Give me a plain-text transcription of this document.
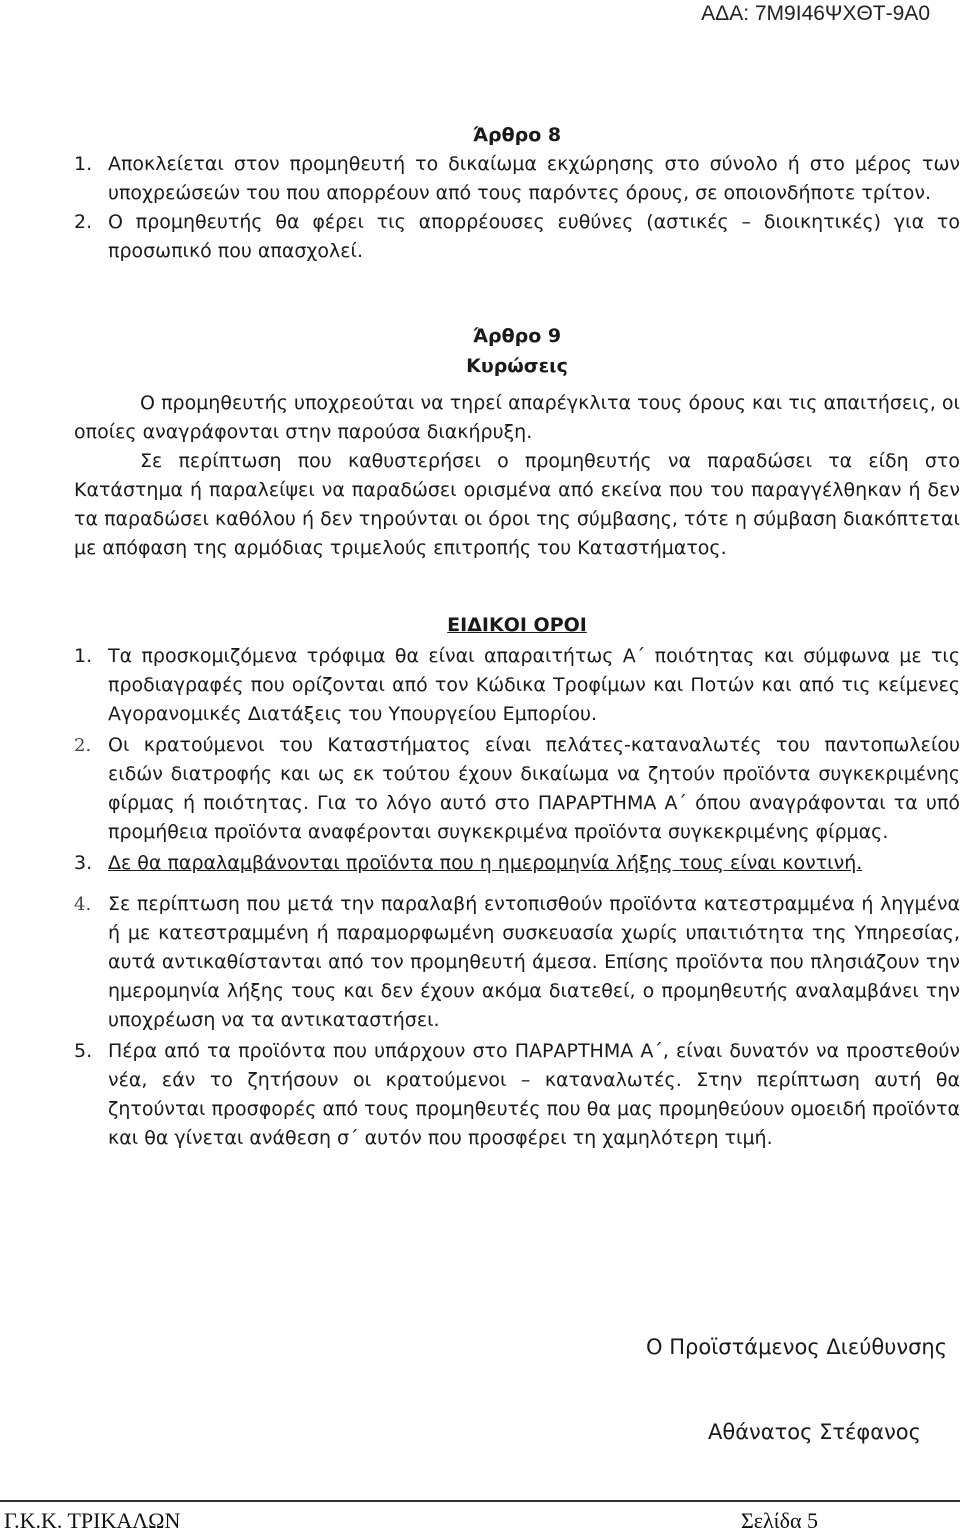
ΑΔΑ: 7Μ9Ι46ΨΧΘΤ-9Α0

Άρθρο 8

1. Αποκλείεται στον προμηθευτή το δικαίωμα εκχώρησης στο σύνολο ή στο μέρος των υποχρεώσεών του που απορρέουν από τους παρόντες όρους, σε οποιονδήποτε τρίτον.
2. Ο προμηθευτής θα φέρει τις απορρέουσες ευθύνες (αστικές – διοικητικές) για το προσωπικό που απασχολεί.

Άρθρο 9

Κυρώσεις

Ο προμηθευτής υποχρεούται να τηρεί απαρέγκλιτα τους όρους και τις απαιτήσεις, οι οποίες αναγράφονται στην παρούσα διακήρυξη.

Σε περίπτωση που καθυστερήσει ο προμηθευτής να παραδώσει τα είδη στο Κατάστημα ή παραλείψει να παραδώσει ορισμένα από εκείνα που του παραγγέλθηκαν ή δεν τα παραδώσει καθόλου ή δεν τηρούνται οι όροι της σύμβασης, τότε η σύμβαση διακόπτεται με απόφαση της αρμόδιας τριμελούς επιτροπής του Καταστήματος.

ΕΙΔΙΚΟΙ ΟΡΟΙ

1. Τα προσκομιζόμενα τρόφιμα θα είναι απαραιτήτως Α΄ ποιότητας και σύμφωνα με τις προδιαγραφές που ορίζονται από τον Κώδικα Τροφίμων και Ποτών και από τις κείμενες Αγορανομικές Διατάξεις του Υπουργείου Εμπορίου.
2. Οι κρατούμενοι του Καταστήματος είναι πελάτες-καταναλωτές του παντοπωλείου ειδών διατροφής και ως εκ τούτου έχουν δικαίωμα να ζητούν προϊόντα συγκεκριμένης φίρμας ή ποιότητας. Για το λόγο αυτό στο ΠΑΡΑΡΤΗΜΑ Α΄ όπου αναγράφονται τα υπό προμήθεια προϊόντα αναφέρονται συγκεκριμένα προϊόντα συγκεκριμένης φίρμας.
3. Δε θα παραλαμβάνονται προϊόντα που η ημερομηνία λήξης τους είναι κοντινή.
4. Σε περίπτωση που μετά την παραλαβή εντοπισθούν προϊόντα κατεστραμμένα ή ληγμένα ή με κατεστραμμένη ή παραμορφωμένη συσκευασία χωρίς υπαιτιότητα της Υπηρεσίας, αυτά αντικαθίστανται από τον προμηθευτή άμεσα. Επίσης προϊόντα που πλησιάζουν την ημερομηνία λήξης τους και δεν έχουν ακόμα διατεθεί, ο προμηθευτής αναλαμβάνει την υποχρέωση να τα αντικαταστήσει.
5. Πέρα από τα προϊόντα που υπάρχουν στο ΠΑΡΑΡΤΗΜΑ Α΄, είναι δυνατόν να προστεθούν νέα, εάν το ζητήσουν οι κρατούμενοι – καταναλωτές. Στην περίπτωση αυτή θα ζητούνται προσφορές από τους προμηθευτές που θα μας προμηθεύουν ομοειδή προϊόντα και θα γίνεται ανάθεση σ΄ αυτόν που προσφέρει τη χαμηλότερη τιμή.
Ο Προϊστάμενος Διεύθυνσης
Αθάνατος Στέφανος
Γ.Κ.Κ. ΤΡΙΚΑΛΩΝ	Σελίδα 5
